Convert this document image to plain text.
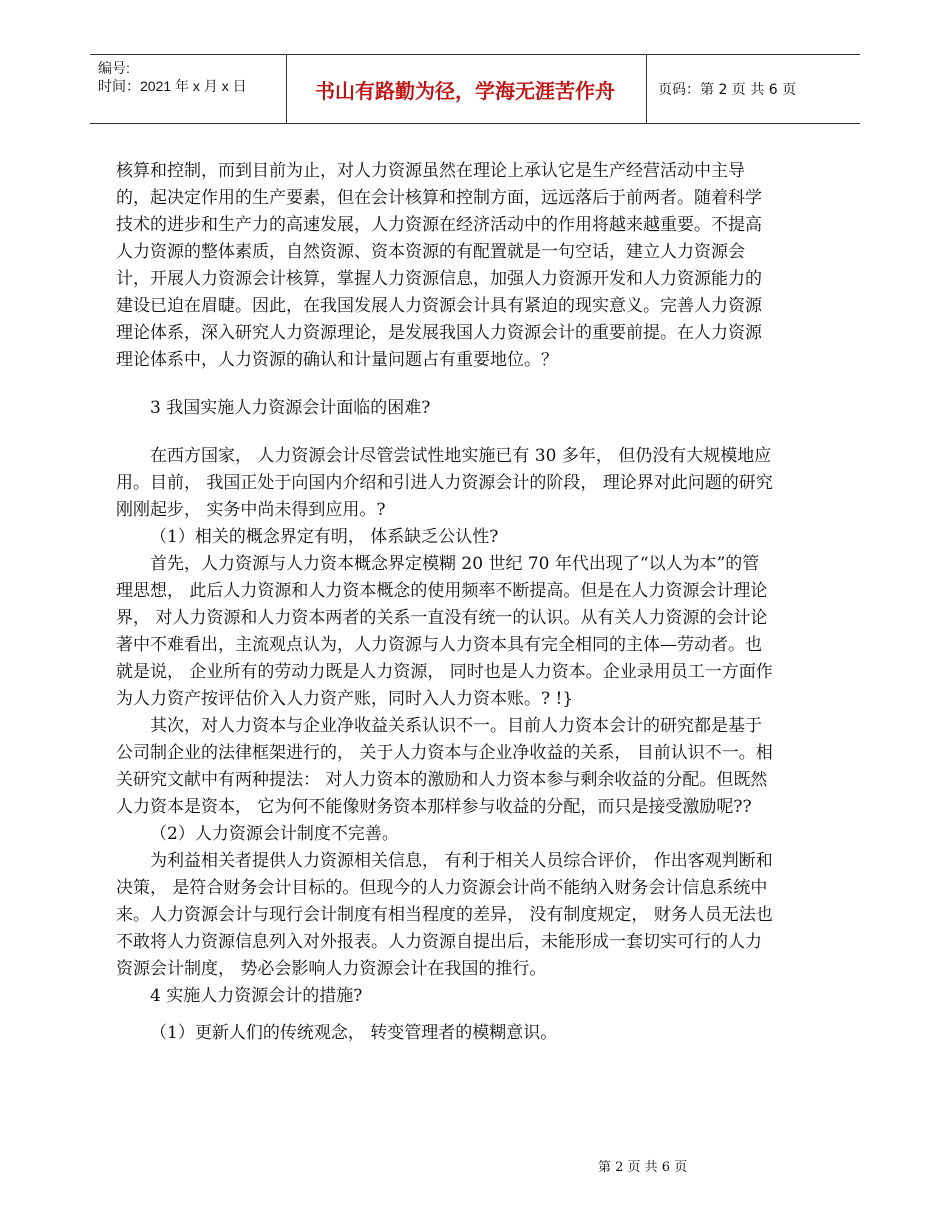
编号:
时间：2021 年 x 月 x 日	书山有路勤为径，学海无涯苦作舟	页码：第 2 页 共 6 页

核算和控制，而到目前为止，对人力资源虽然在理论上承认它是生产经营活动中主导的，起决定作用的生产要素，但在会计核算和控制方面，远远落后于前两者。随着科学技术的进步和生产力的高速发展，人力资源在经济活动中的作用将越来越重要。不提高人力资源的整体素质，自然资源、资本资源的有配置就是一句空话，建立人力资源会计，开展人力资源会计核算，掌握人力资源信息，加强人力资源开发和人力资源能力的建设已迫在眉睫。因此，在我国发展人力资源会计具有紧迫的现实意义。完善人力资源理论体系，深入研究人力资源理论，是发展我国人力资源会计的重要前提。在人力资源理论体系中，人力资源的确认和计量问题占有重要地位。？

3 我国实施人力资源会计面临的困难?

在西方国家， 人力资源会计尽管尝试性地实施已有 30 多年， 但仍没有大规模地应用。目前， 我国正处于向国内介绍和引进人力资源会计的阶段， 理论界对此问题的研究刚刚起步， 实务中尚未得到应用。?

（1）相关的概念界定有明， 体系缺乏公认性?

首先，人力资源与人力资本概念界定模糊 20 世纪 70 年代出现了“以人为本”的管理思想， 此后人力资源和人力资本概念的使用频率不断提高。但是在人力资源会计理论界， 对人力资源和人力资本两者的关系一直没有统一的认识。从有关人力资源的会计论著中不难看出，主流观点认为，人力资源与人力资本具有完全相同的主体—劳动者。也就是说， 企业所有的劳动力既是人力资源， 同时也是人力资本。企业录用员工一方面作为人力资产按评估价入人力资产账，同时入人力资本账。? !}

其次，对人力资本与企业净收益关系认识不一。目前人力资本会计的研究都是基于公司制企业的法律框架进行的， 关于人力资本与企业净收益的关系， 目前认识不一。相关研究文献中有两种提法： 对人力资本的激励和人力资本参与剩余收益的分配。但既然人力资本是资本， 它为何不能像财务资本那样参与收益的分配，而只是接受激励呢??

（2）人力资源会计制度不完善。

为利益相关者提供人力资源相关信息， 有利于相关人员综合评价， 作出客观判断和决策， 是符合财务会计目标的。但现今的人力资源会计尚不能纳入财务会计信息系统中来。人力资源会计与现行会计制度有相当程度的差异， 没有制度规定， 财务人员无法也不敢将人力资源信息列入对外报表。人力资源自提出后，未能形成一套切实可行的人力资源会计制度， 势必会影响人力资源会计在我国的推行。

4 实施人力资源会计的措施?

（1）更新人们的传统观念， 转变管理者的模糊意识。

第 2 页 共 6 页
